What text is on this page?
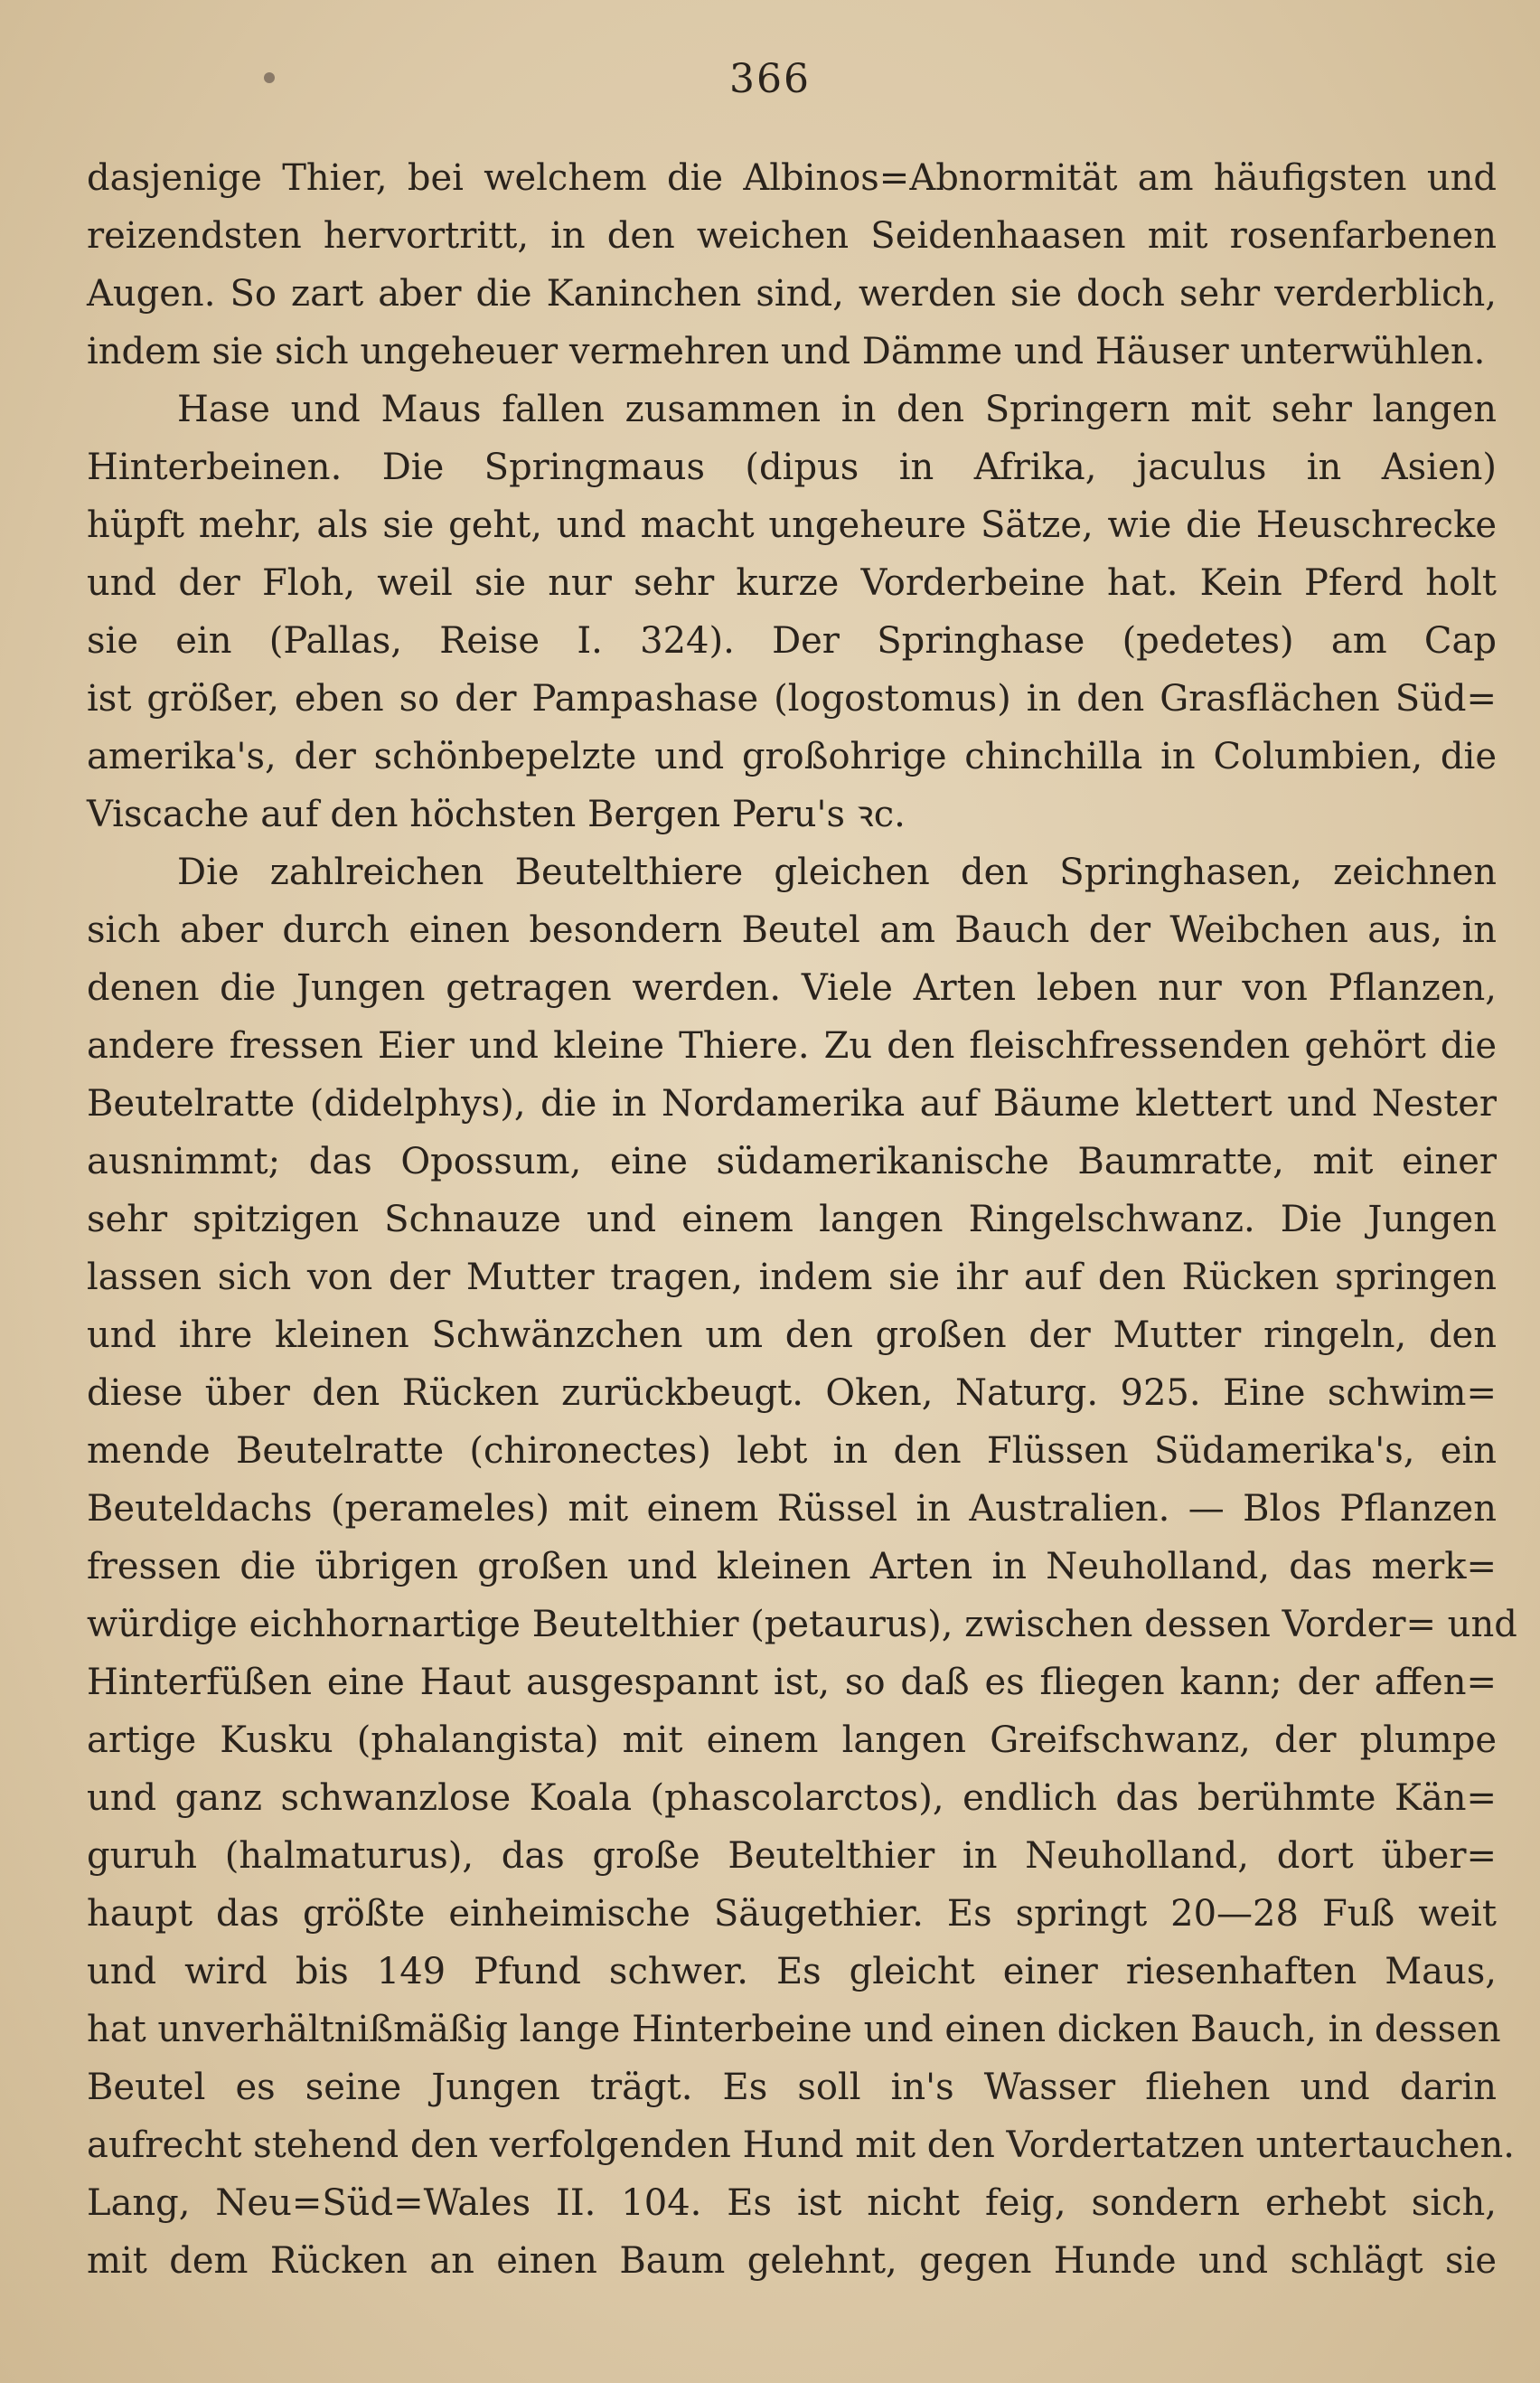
366
dasjenige Thier, bei welchem die Albinos=Abnormität am häufigsten und
reizendsten hervortritt, in den weichen Seidenhaasen mit rosenfarbenen
Augen. So zart aber die Kaninchen sind, werden sie doch sehr verderblich,
indem sie sich ungeheuer vermehren und Dämme und Häuser unterwühlen.
Hase und Maus fallen zusammen in den Springern mit sehr langen
Hinterbeinen. Die Springmaus (dipus in Afrika, jaculus in Asien)
hüpft mehr, als sie geht, und macht ungeheure Sätze, wie die Heuschrecke
und der Floh, weil sie nur sehr kurze Vorderbeine hat. Kein Pferd holt
sie ein (Pallas, Reise I. 324). Der Springhase (pedetes) am Cap
ist größer, eben so der Pampashase (logostomus) in den Grasflächen Süd=
amerika's, der schönbepelzte und großohrige chinchilla in Columbien, die
Viscache auf den höchsten Bergen Peru's ꝛc.
Die zahlreichen Beutelthiere gleichen den Springhasen, zeichnen
sich aber durch einen besondern Beutel am Bauch der Weibchen aus, in
denen die Jungen getragen werden. Viele Arten leben nur von Pflanzen,
andere fressen Eier und kleine Thiere. Zu den fleischfressenden gehört die
Beutelratte (didelphys), die in Nordamerika auf Bäume klettert und Nester
ausnimmt; das Opossum, eine südamerikanische Baumratte, mit einer
sehr spitzigen Schnauze und einem langen Ringelschwanz. Die Jungen
lassen sich von der Mutter tragen, indem sie ihr auf den Rücken springen
und ihre kleinen Schwänzchen um den großen der Mutter ringeln, den
diese über den Rücken zurückbeugt. Oken, Naturg. 925. Eine schwim=
mende Beutelratte (chironectes) lebt in den Flüssen Südamerika's, ein
Beuteldachs (perameles) mit einem Rüssel in Australien. — Blos Pflanzen
fressen die übrigen großen und kleinen Arten in Neuholland, das merk=
würdige eichhornartige Beutelthier (petaurus), zwischen dessen Vorder= und
Hinterfüßen eine Haut ausgespannt ist, so daß es fliegen kann; der affen=
artige Kusku (phalangista) mit einem langen Greifschwanz, der plumpe
und ganz schwanzlose Koala (phascolarctos), endlich das berühmte Kän=
guruh (halmaturus), das große Beutelthier in Neuholland, dort über=
haupt das größte einheimische Säugethier. Es springt 20—28 Fuß weit
und wird bis 149 Pfund schwer. Es gleicht einer riesenhaften Maus,
hat unverhältnißmäßig lange Hinterbeine und einen dicken Bauch, in dessen
Beutel es seine Jungen trägt. Es soll in's Wasser fliehen und darin
aufrecht stehend den verfolgenden Hund mit den Vordertatzen untertauchen.
Lang, Neu=Süd=Wales II. 104. Es ist nicht feig, sondern erhebt sich,
mit dem Rücken an einen Baum gelehnt, gegen Hunde und schlägt sie
